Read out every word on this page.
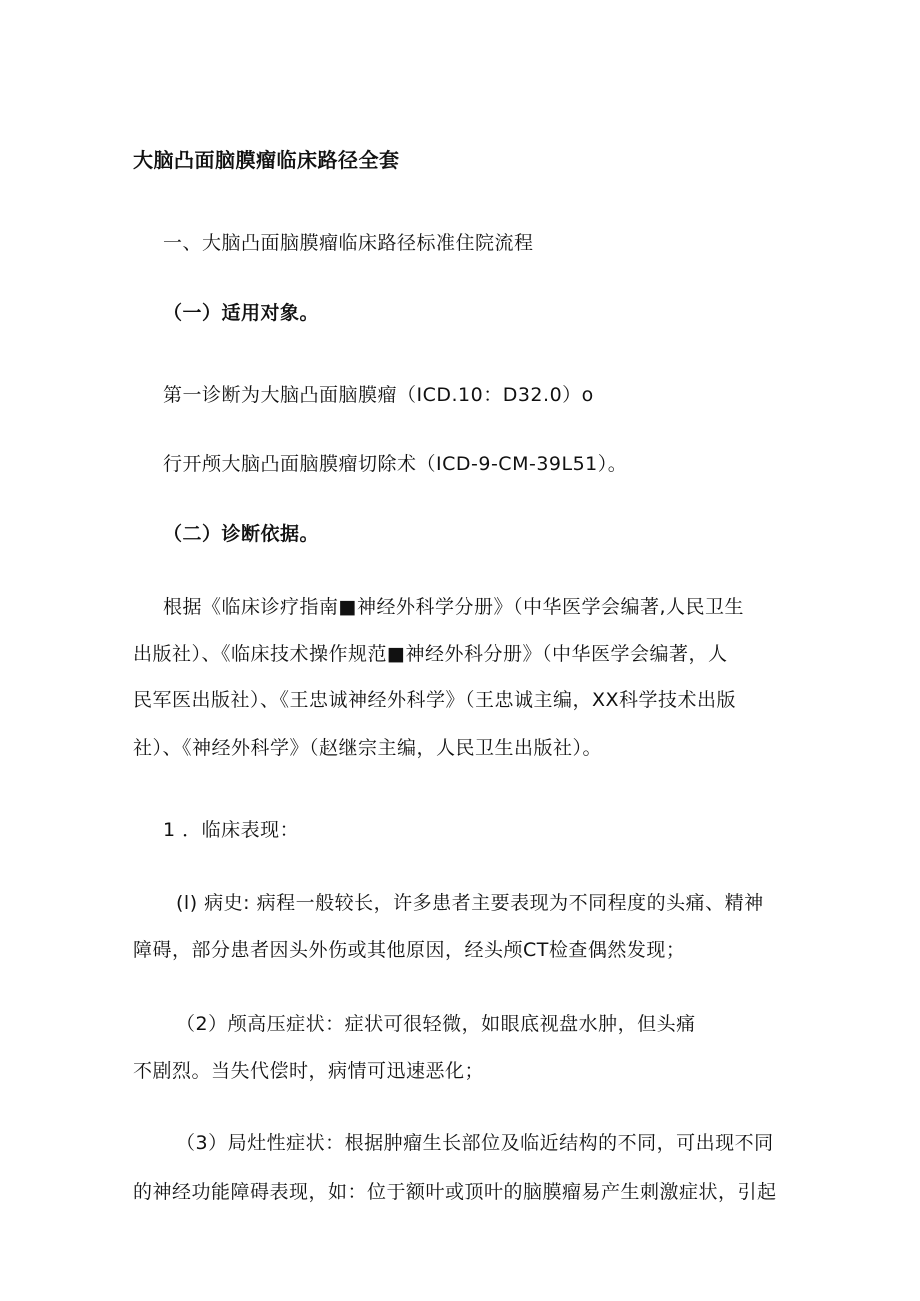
大脑凸面脑膜瘤临床路径全套
一、大脑凸面脑膜瘤临床路径标准住院流程
（一）适用对象。
第一诊断为大脑凸面脑膜瘤（ICD.10：D32.0）o
行开颅大脑凸面脑膜瘤切除术（ICD-9-CM-39L51）。
（二）诊断依据。
根据《临床诊疗指南■神经外科学分册》（中华医学会编著,人民卫生
出版社）、《临床技术操作规范■神经外科分册》（中华医学会编著，人
民军医出版社）、《王忠诚神经外科学》（王忠诚主编，XX科学技术出版
社）、《神经外科学》（赵继宗主编，人民卫生出版社）。
1 ．临床表现：
(l) 病史: 病程一般较长，许多患者主要表现为不同程度的头痛、精神
障碍，部分患者因头外伤或其他原因，经头颅CT检查偶然发现；
（2）颅高压症状：症状可很轻微，如眼底视盘水肿，但头痛
不剧烈。当失代偿时，病情可迅速恶化；
（3）局灶性症状：根据肿瘤生长部位及临近结构的不同，可出现不同
的神经功能障碍表现，如：位于额叶或顶叶的脑膜瘤易产生刺激症状，引起
